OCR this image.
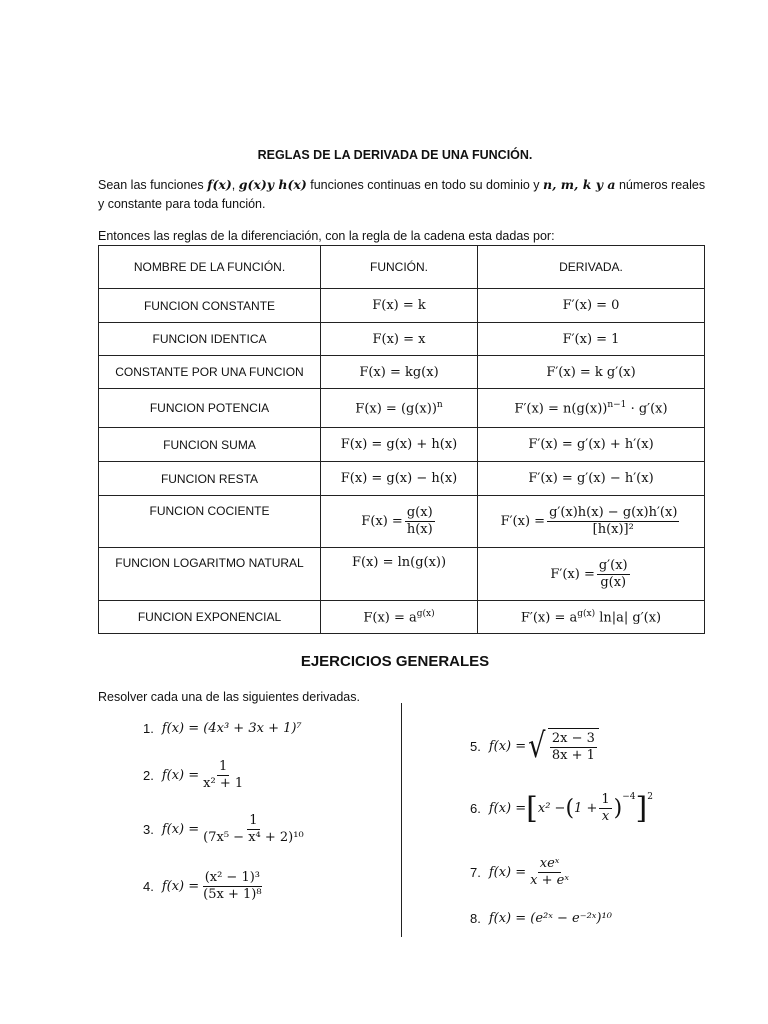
REGLAS DE LA DERIVADA DE UNA FUNCIÓN.
Sean las funciones f(x), g(x)y h(x) funciones continuas en todo su dominio y n, m, k y a números reales
y constante para toda función.
Entonces las reglas de la diferenciación, con la regla de la cadena esta dadas por:
NOMBRE DE LA FUNCIÓN.	FUNCIÓN.	DERIVADA.
FUNCION CONSTANTE	F(x) = k	F′(x) = 0
FUNCION IDENTICA	F(x) = x	F′(x) = 1
CONSTANTE POR UNA FUNCION	F(x) = kg(x)	F′(x) = k g′(x)
FUNCION POTENCIA	$F(x) = (g(x))^n$	$F'(x) = n(g(x))^{n-1} \cdot g'(x)$
FUNCION SUMA	F(x) = g(x) + h(x)	F′(x) = g′(x) + h′(x)
FUNCION RESTA	F(x) = g(x) − h(x)	F′(x) = g′(x) − h′(x)
FUNCION COCIENTE	$F(x) = \frac{g(x)}{h(x)}$	$F'(x) = \frac{g'(x)h(x) - g(x)h'(x)}{\text{[h(x)]²}}$

FUNCION LOGARITMO NATURAL	F(x) = ln(g(x))	$F'(x) = \frac{g'(x)}{g(x)}$

FUNCION EXPONENCIAL	$F(x) = a^{g(x)}$	$F'(x) = a^{g(x)}$ ln|a| g′(x)
EJERCICIOS GENERALES
Resolver cada una de las siguientes derivadas.
1. f(x) = (4x³ + 3x + 1)⁷
2. $f(x) = \frac{1}{\text{x² + 1}}$
3. $f(x) = \frac{1}{\text{(7x⁵ − x⁴ + 2)¹⁰}}$
4. $f(x) = \frac{\text{(x² − 1)³}}{\text{(5x + 1)⁸}}$
5. f(x) = √ $\frac{2x - 3}{8x + 1}$
6. f(x) = [ x² − ( $1 + \frac{1}{x} )^{-4}$ ]$^2$
7. $f(x) = \frac{\text{xeˣ}}{\text{x + eˣ}}$
8. f(x) = (e²ˣ − e⁻²ˣ)¹⁰
